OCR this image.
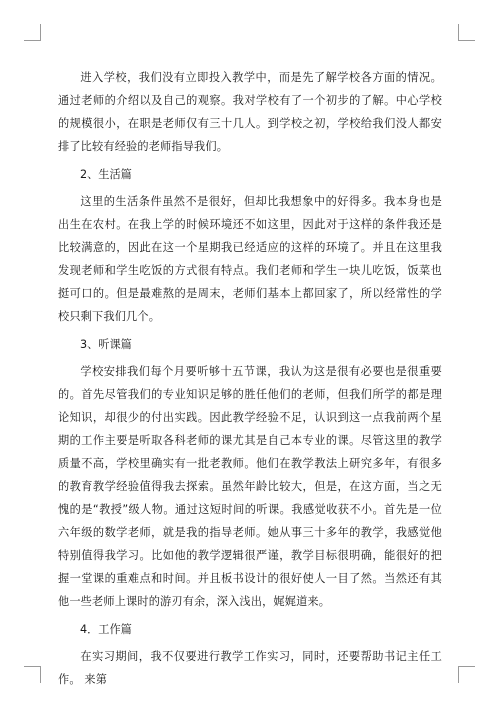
进入学校，我们没有立即投入教学中，而是先了解学校各方面的情况。通过老师的介绍以及自己的观察。我对学校有了一个初步的了解。中心学校的规模很小，在职是老师仅有三十几人。到学校之初，学校给我们没人都安排了比较有经验的老师指导我们。

2、生活篇

这里的生活条件虽然不是很好，但却比我想象中的好得多。我本身也是出生在农村。在我上学的时候环境还不如这里，因此对于这样的条件我还是比较满意的，因此在这一个星期我已经适应的这样的环境了。并且在这里我发现老师和学生吃饭的方式很有特点。我们老师和学生一块儿吃饭，饭菜也挺可口的。但是最难熬的是周末，老师们基本上都回家了，所以经常性的学校只剩下我们几个。

3、听课篇

学校安排我们每个月要听够十五节课，我认为这是很有必要也是很重要的。首先尽管我们的专业知识足够的胜任他们的老师，但我们所学的都是理论知识，却很少的付出实践。因此教学经验不足，认识到这一点我前两个星期的工作主要是听取各科老师的课尤其是自己本专业的课。尽管这里的教学质量不高，学校里确实有一批老教师。他们在教学教法上研究多年，有很多的教育教学经验值得我去探索。虽然年龄比较大，但是，在这方面，当之无愧的是“教授”级人物。通过这短时间的听课。我感觉收获不小。首先是一位六年级的数学老师，就是我的指导老师。她从事三十多年的教学，我感觉他特别值得我学习。比如他的教学逻辑很严谨，教学目标很明确，能很好的把握一堂课的重难点和时间。并且板书设计的很好使人一目了然。当然还有其他一些老师上课时的游刃有余，深入浅出，娓娓道来。

4．工作篇

在实习期间，我不仅要进行教学工作实习，同时，还要帮助书记主任工作。 来第
